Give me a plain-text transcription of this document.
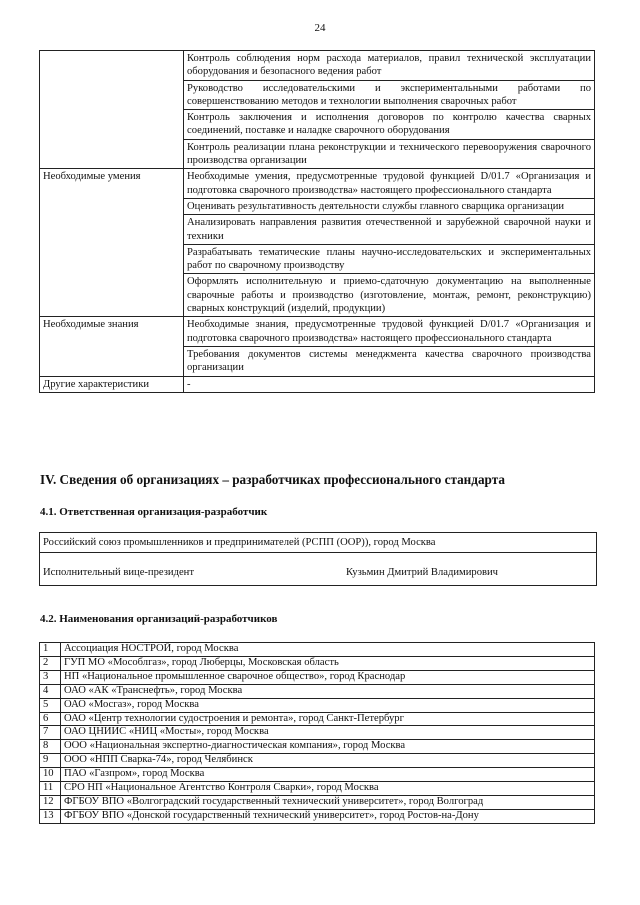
24
	Контроль соблюдения норм расхода материалов, правил технической эксплуатации оборудования и безопасного ведения работ
	Руководство исследовательскими и экспериментальными работами по совершенствованию методов и технологии выполнения сварочных работ
	Контроль заключения и исполнения договоров по контролю качества сварных соединений, поставке и наладке сварочного оборудования
	Контроль реализации плана реконструкции и технического перевооружения сварочного производства организации
Необходимые умения	Необходимые умения, предусмотренные трудовой функцией D/01.7 «Организация и подготовка сварочного производства» настоящего профессионального стандарта
	Оценивать результативность деятельности службы главного сварщика организации
	Анализировать направления развития отечественной и зарубежной сварочной науки и техники
	Разрабатывать тематические планы научно-исследовательских и экспериментальных работ по сварочному производству
	Оформлять исполнительную и приемо-сдаточную документацию на выполненные сварочные работы и производство (изготовление, монтаж, ремонт, реконструкцию) сварных конструкций (изделий, продукции)
Необходимые знания	Необходимые знания, предусмотренные трудовой функцией D/01.7 «Организация и подготовка сварочного производства» настоящего профессионального стандарта
	Требования документов системы менеджмента качества сварочного производства организации
Другие характеристики	-
IV. Сведения об организациях – разработчиках профессионального стандарта
4.1. Ответственная организация-разработчик
Российский союз промышленников и предпринимателей (РСПП (ООР)), город Москва
Исполнительный вице-президент	Кузьмин Дмитрий Владимирович
4.2. Наименования организаций-разработчиков
1	Ассоциация НОСТРОЙ, город Москва
2	ГУП МО «Мособлгаз», город Люберцы, Московская область
3	НП «Национальное промышленное сварочное общество», город Краснодар
4	ОАО «АК «Транснефть», город Москва
5	ОАО «Мосгаз», город Москва
6	ОАО «Центр технологии судостроения и ремонта», город Санкт-Петербург
7	ОАО ЦНИИС «НИЦ «Мосты», город Москва
8	ООО «Национальная экспертно-диагностическая компания», город Москва
9	ООО «НПП Сварка-74», город Челябинск
10	ПАО «Газпром», город Москва
11	СРО НП «Национальное Агентство Контроля Сварки», город Москва
12	ФГБОУ ВПО «Волгоградский государственный технический университет», город Волгоград
13	ФГБОУ ВПО «Донской государственный технический университет», город Ростов-на-Дону
